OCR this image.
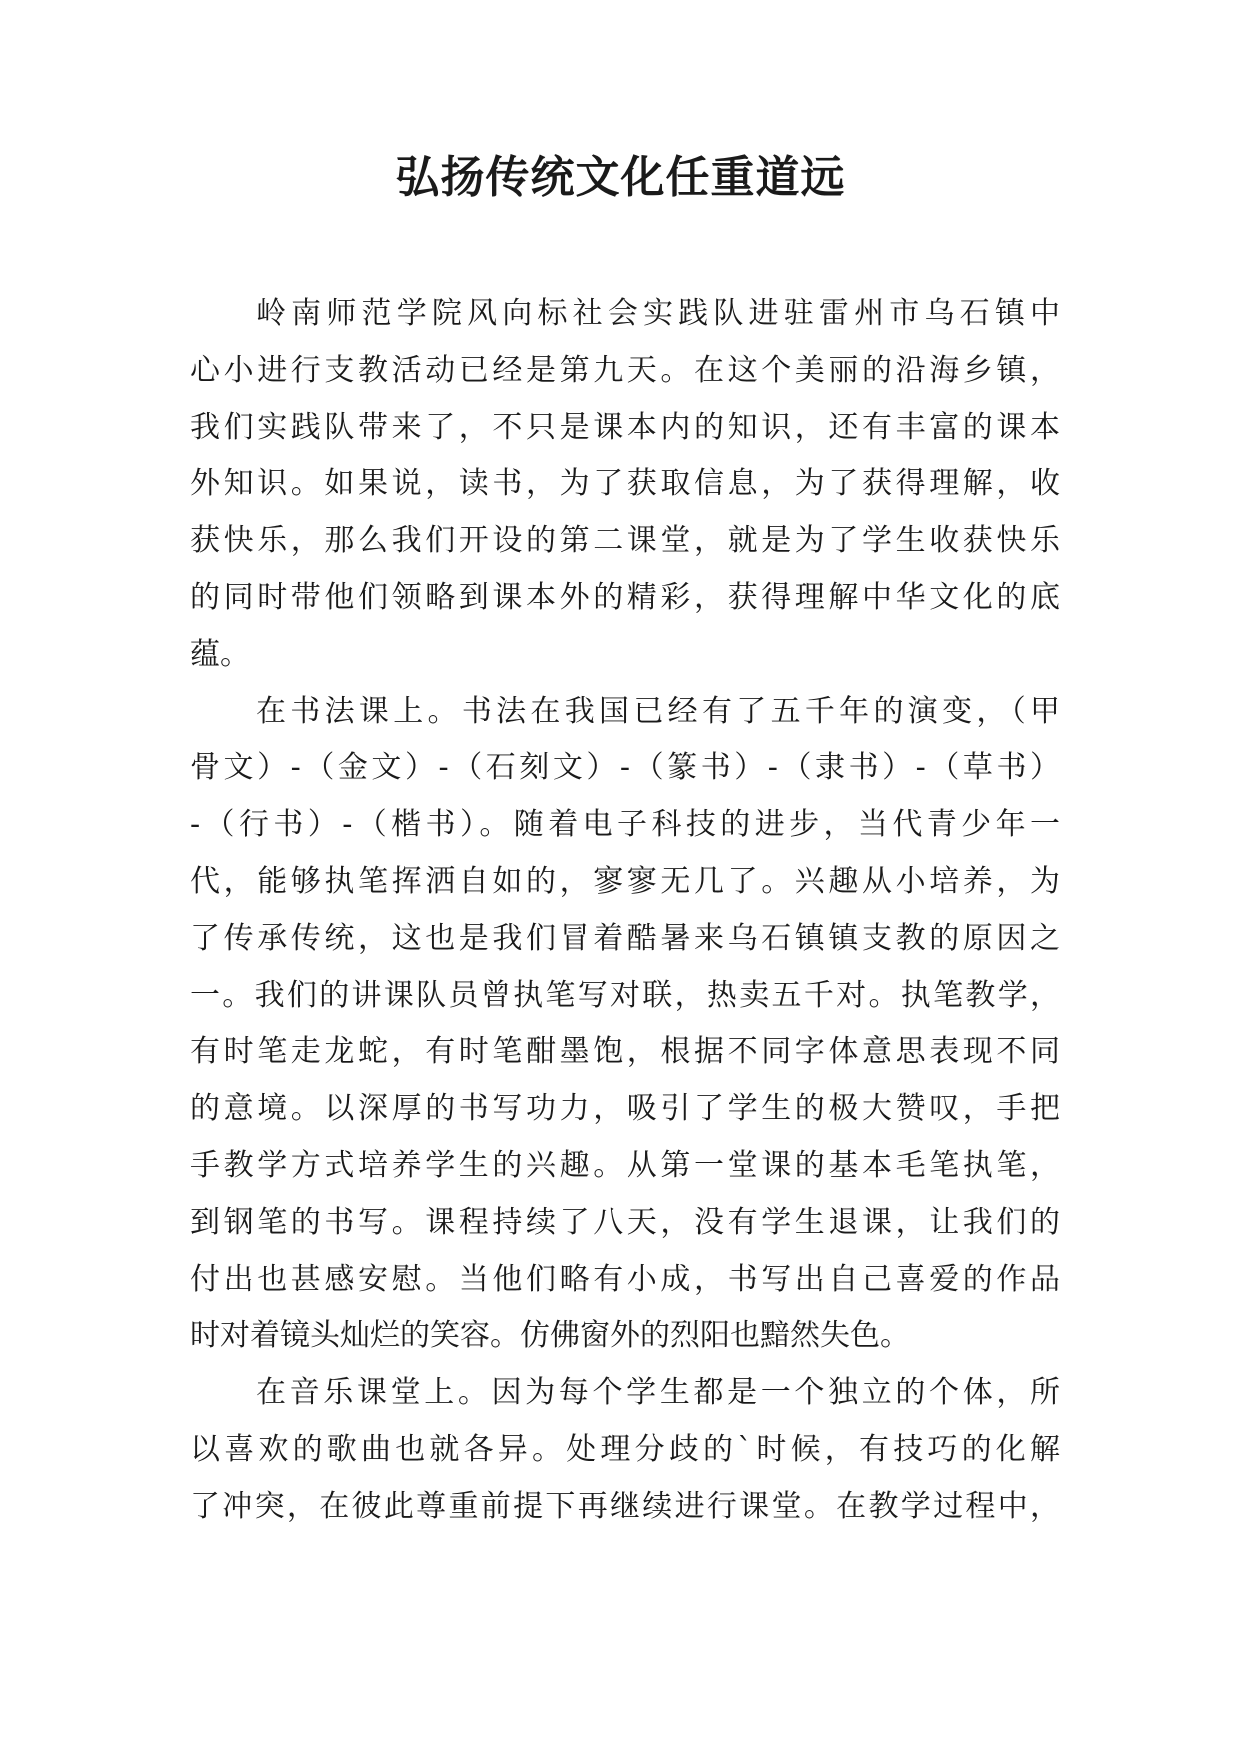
弘扬传统文化任重道远
岭南师范学院风向标社会实践队进驻雷州市乌石镇中
心小进行支教活动已经是第九天。在这个美丽的沿海乡镇，
我们实践队带来了，不只是课本内的知识，还有丰富的课本
外知识。如果说，读书，为了获取信息，为了获得理解，收
获快乐，那么我们开设的第二课堂，就是为了学生收获快乐
的同时带他们领略到课本外的精彩，获得理解中华文化的底
蕴。
在书法课上。书法在我国已经有了五千年的演变，（甲
骨文）-（金文）-（石刻文）-（篆书）-（隶书）-（草书）
-（行书）-（楷书）。随着电子科技的进步，当代青少年一
代，能够执笔挥洒自如的，寥寥无几了。兴趣从小培养，为
了传承传统，这也是我们冒着酷暑来乌石镇镇支教的原因之
一。我们的讲课队员曾执笔写对联，热卖五千对。执笔教学，
有时笔走龙蛇，有时笔酣墨饱，根据不同字体意思表现不同
的意境。以深厚的书写功力，吸引了学生的极大赞叹，手把
手教学方式培养学生的兴趣。从第一堂课的基本毛笔执笔，
到钢笔的书写。课程持续了八天，没有学生退课，让我们的
付出也甚感安慰。当他们略有小成，书写出自己喜爱的作品
时对着镜头灿烂的笑容。仿佛窗外的烈阳也黯然失色。
在音乐课堂上。因为每个学生都是一个独立的个体，所
以喜欢的歌曲也就各异。处理分歧的`时候，有技巧的化解
了冲突，在彼此尊重前提下再继续进行课堂。在教学过程中，
